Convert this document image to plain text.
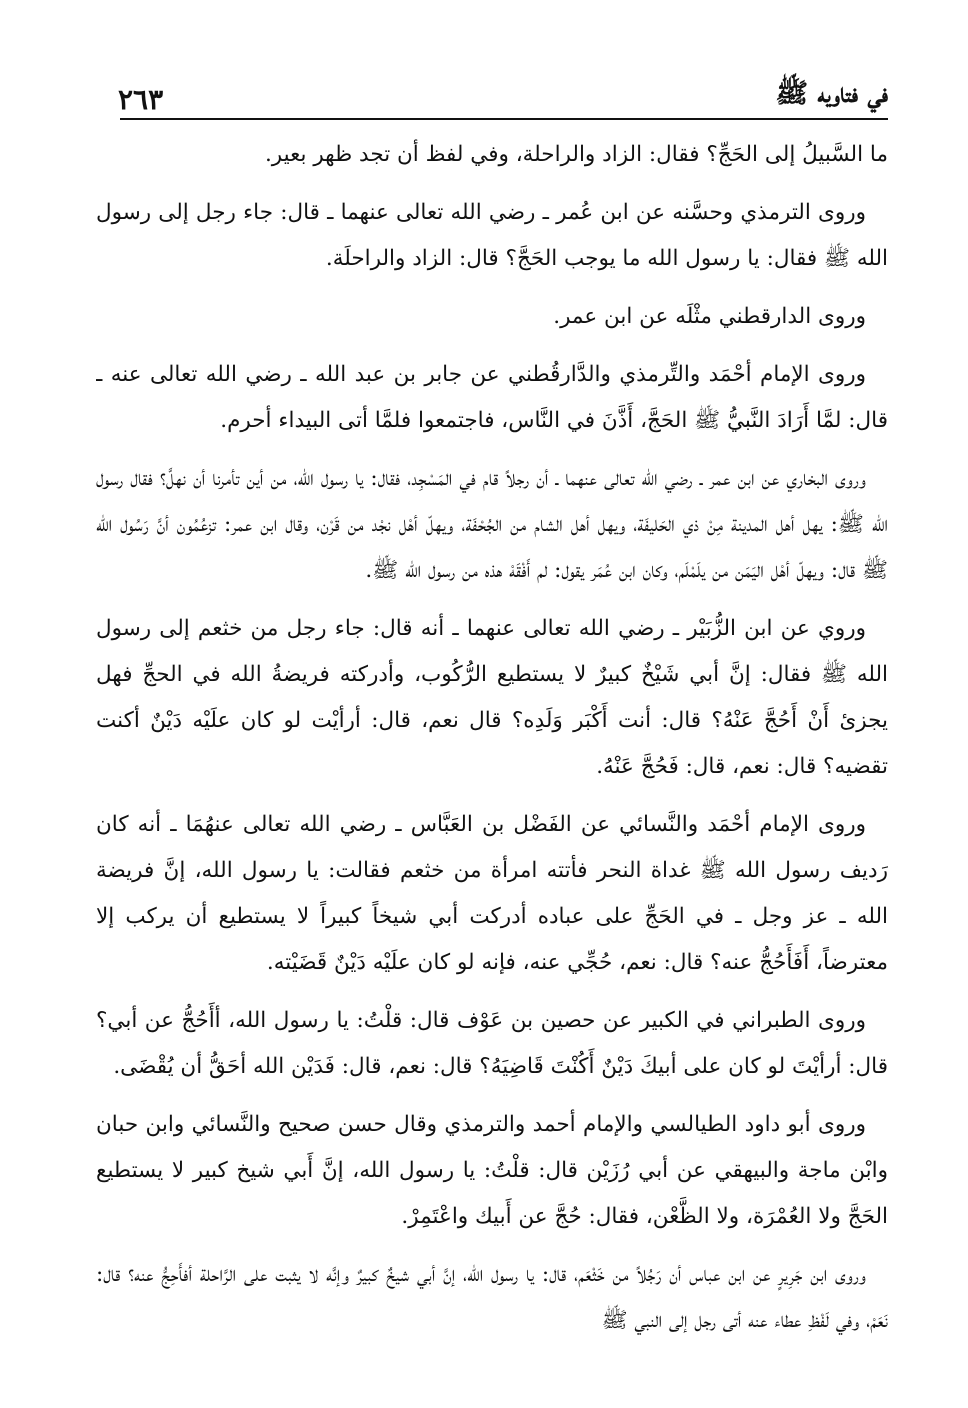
في فتاويه ﷺ
٢٦٣

ما السَّبيلُ إلى الحَجِّ؟ فقال: الزاد والراحلة، وفي لفظ أن تجد ظهر بعير.

وروى الترمذي وحسَّنه عن ابن عُمر ـ رضي الله تعالى عنهما ـ قال: جاء رجل إلى رسول الله ﷺ فقال: يا رسول الله ما يوجب الحَجَّ؟ قال: الزاد والراحلَة.

وروى الدارقطني مثْلَه عن ابن عمر.

وروى الإمام أحْمَد والتِّرمذي والدَّارقُطني عن جابر بن عبد الله ـ رضي الله تعالى عنه ـ قال: لمَّا أَرَادَ النَّبيُّ ﷺ الحَجَّ، أَذَّنَ في النَّاس، فاجتمعوا فلمَّا أتى البيداء أحرم.

وروى البخاري عن ابن عمر ـ رضي الله تعالى عنهما ـ أن رجلاً قام في المَسْجِد، فقال: يا رسول الله، من أين تأمرنا أن نهلَّ؟ فقال رسول الله ﷺ: يهل أهل المدينة مِنْ ذي الحَليفَة، ويهل أهل الشام من الجُحْفَة، ويهلّ أهْل نجْد من قَرْن، وقال ابن عمر: تزعُمُون أنَّ رَسُول الله ﷺ قال: ويهلّ أهْل اليَمَن من يلَمْلَم، وكان ابن عُمَر يقول: لم أَفْقَهْ هذه من رسول الله ﷺ.

وروي عن ابن الزُّبَيْر ـ رضي الله تعالى عنهما ـ أنه قال: جاء رجل من خثعم إلى رسول الله ﷺ فقال: إنَّ أبي شَيْخٌ كبيرٌ لا يستطيع الرُّكُوب، وأدركته فريضةُ الله في الحجِّ فهل يجزئ أَنْ أَحُجَّ عَنْهُ؟ قال: أنت أَكْبَر وَلَدِه؟ قال نعم، قال: أرأيْت لو كان علَيْه دَيْنٌ أكنت تقضيه؟ قال: نعم، قال: فَحُجَّ عَنْهُ.

وروى الإمام أحْمَد والنَّسائي عن الفَضْل بن العَبَّاس ـ رضي الله تعالى عنهُمَا ـ أنه كان رَديف رسول الله ﷺ غداة النحر فأتته امرأة من خثعم فقالت: يا رسول الله، إنَّ فريضة الله ـ عز وجل ـ في الحَجِّ على عباده أدركت أبي شيخاً كبيراً لا يستطيع أن يركب إلا معترضاً، أَفَأَحُجُّ عنه؟ قال: نعم، حُجِّي عنه، فإنه لو كان علَيْه دَيْنٌ قَضَيْته.

وروى الطبراني في الكبير عن حصين بن عَوْف قال: قلْتُ: يا رسول الله، أأَحُجُّ عن أبي؟ قال: أرأيْتَ لو كان على أبيكَ دَيْنٌ أَكُنْتَ قَاضِيَهُ؟ قال: نعم، قال: فَدَيْن الله أحَقُّ أن يُقْضَى.

وروى أبو داود الطيالسي والإمام أحمد والترمذي وقال حسن صحيح والنَّسائي وابن حبان وابْن ماجة والبيهقي عن أبي رُزَيْن قال: قلْتُ: يا رسول الله، إنَّ أَبي شيخ كبير لا يستطيع الحَجَّ ولا العُمْرَة، ولا الظَّعْن، فقال: حُجَّ عن أَبيك واعْتَمِرْ.

وروى ابن جَرِيرٍ عن ابن عباس أن رَجُلاً من خَثْعَم، قال: يا رسول الله، إنَّ أبي شيخٌ كبيرٌ وإنَّه لا يثبت على الرَّاحلة أفأَحِجُّ عنه؟ قال: نَعَمْ، وفي لَفْظِ عطاء عنه أتى رجل إلى النبي ﷺ
